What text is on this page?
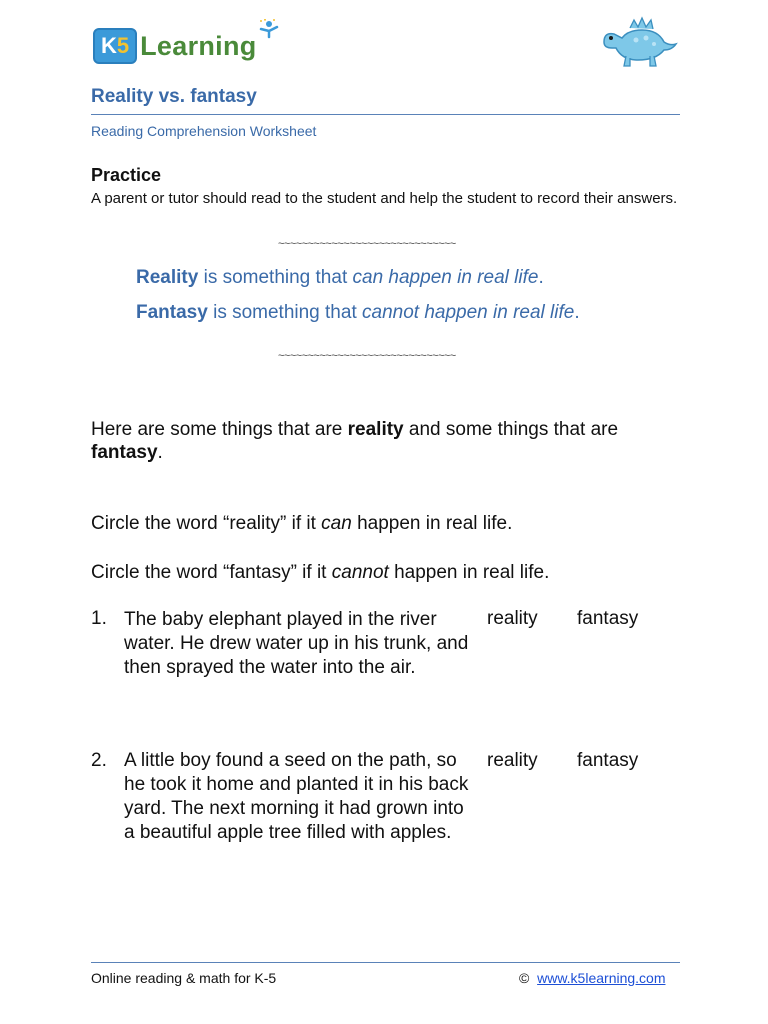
K5 Learning
Reality vs. fantasy
Reading Comprehension Worksheet
Practice
A parent or tutor should read to the student and help the student to record their answers.
~~~~~~~~~~~~~~~~~~~~~~~~~~~~~~
Reality is something that can happen in real life.
Fantasy is something that cannot happen in real life.
~~~~~~~~~~~~~~~~~~~~~~~~~~~~~~
Here are some things that are reality and some things that are fantasy.
Circle the word “reality” if it can happen in real life.
Circle the word “fantasy” if it cannot happen in real life.
1. The baby elephant played in the river water. He drew water up in his trunk, and then sprayed the water into the air.
reality fantasy
2. A little boy found a seed on the path, so he took it home and planted it in his back yard. The next morning it had grown into a beautiful apple tree filled with apples.
reality fantasy
Online reading & math for K-5	© www.k5learning.com
